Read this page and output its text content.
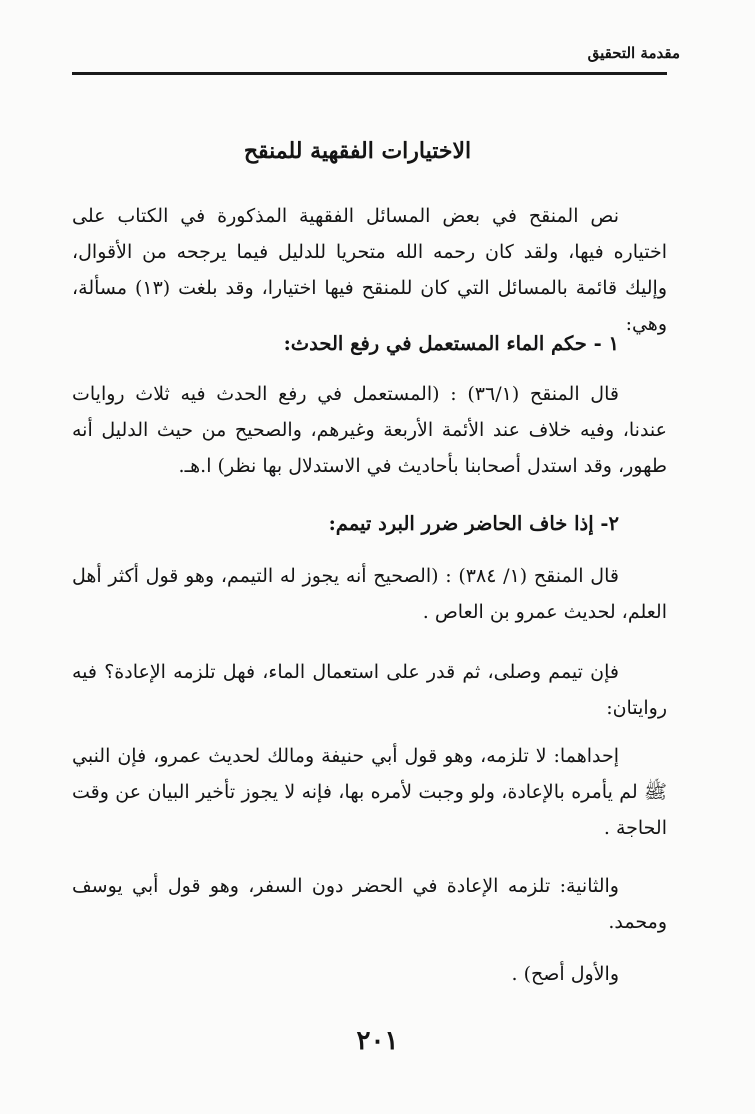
مقدمة التحقيق
الاختيارات الفقهية للمنقح

نص المنقح في بعض المسائل الفقهية المذكورة في الكتاب على اختياره فيها، ولقد كان رحمه الله متحريا للدليل فيما يرجحه من الأقوال، وإليك قائمة بالمسائل التي كان للمنقح فيها اختيارا، وقد بلغت (١٣) مسألة، وهي:

١ - حكم الماء المستعمل في رفع الحدث:

قال المنقح (٣٦/١) : (المستعمل في رفع الحدث فيه ثلاث روايات عندنا، وفيه خلاف عند الأئمة الأربعة وغيرهم، والصحيح من حيث الدليل أنه طهور، وقد استدل أصحابنا بأحاديث في الاستدلال بها نظر) ا.هـ.

٢- إذا خاف الحاضر ضرر البرد تيمم:

قال المنقح (١/ ٣٨٤) : (الصحيح أنه يجوز له التيمم، وهو قول أكثر أهل العلم، لحديث عمرو بن العاص .

فإن تيمم وصلى، ثم قدر على استعمال الماء، فهل تلزمه الإعادة؟ فيه روايتان:

إحداهما: لا تلزمه، وهو قول أبي حنيفة ومالك لحديث عمرو، فإن النبي ﷺ لم يأمره بالإعادة، ولو وجبت لأمره بها، فإنه لا يجوز تأخير البيان عن وقت الحاجة .

والثانية: تلزمه الإعادة في الحضر دون السفر، وهو قول أبي يوسف ومحمد.

والأول أصح) .

٢٠١
